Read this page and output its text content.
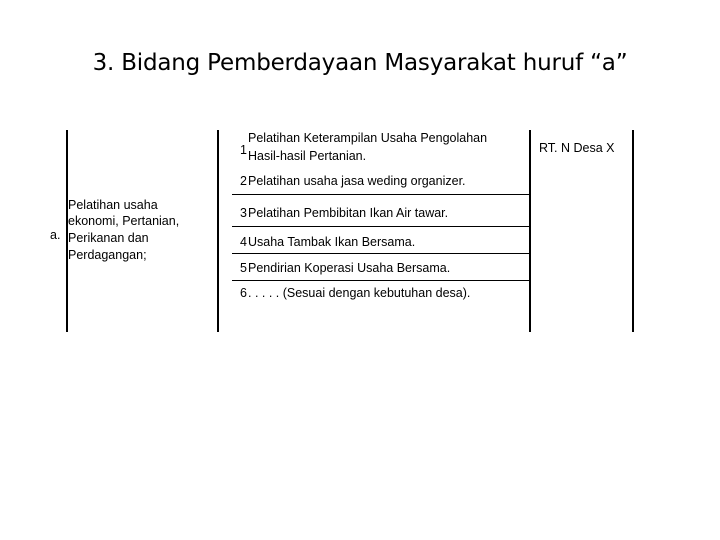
3. Bidang Pemberdayaan Masyarakat huruf “a”
a.
Pelatihan usaha
ekonomi, Pertanian,
Perikanan dan
Perdagangan;
1
Pelatihan Keterampilan Usaha Pengolahan
Hasil-hasil Pertanian.
2 Pelatihan usaha jasa weding organizer.
3 Pelatihan Pembibitan Ikan Air tawar.
4 Usaha Tambak Ikan Bersama.
5 Pendirian Koperasi Usaha Bersama.
6 . . . . . (Sesuai dengan kebutuhan desa).
RT. N Desa X
